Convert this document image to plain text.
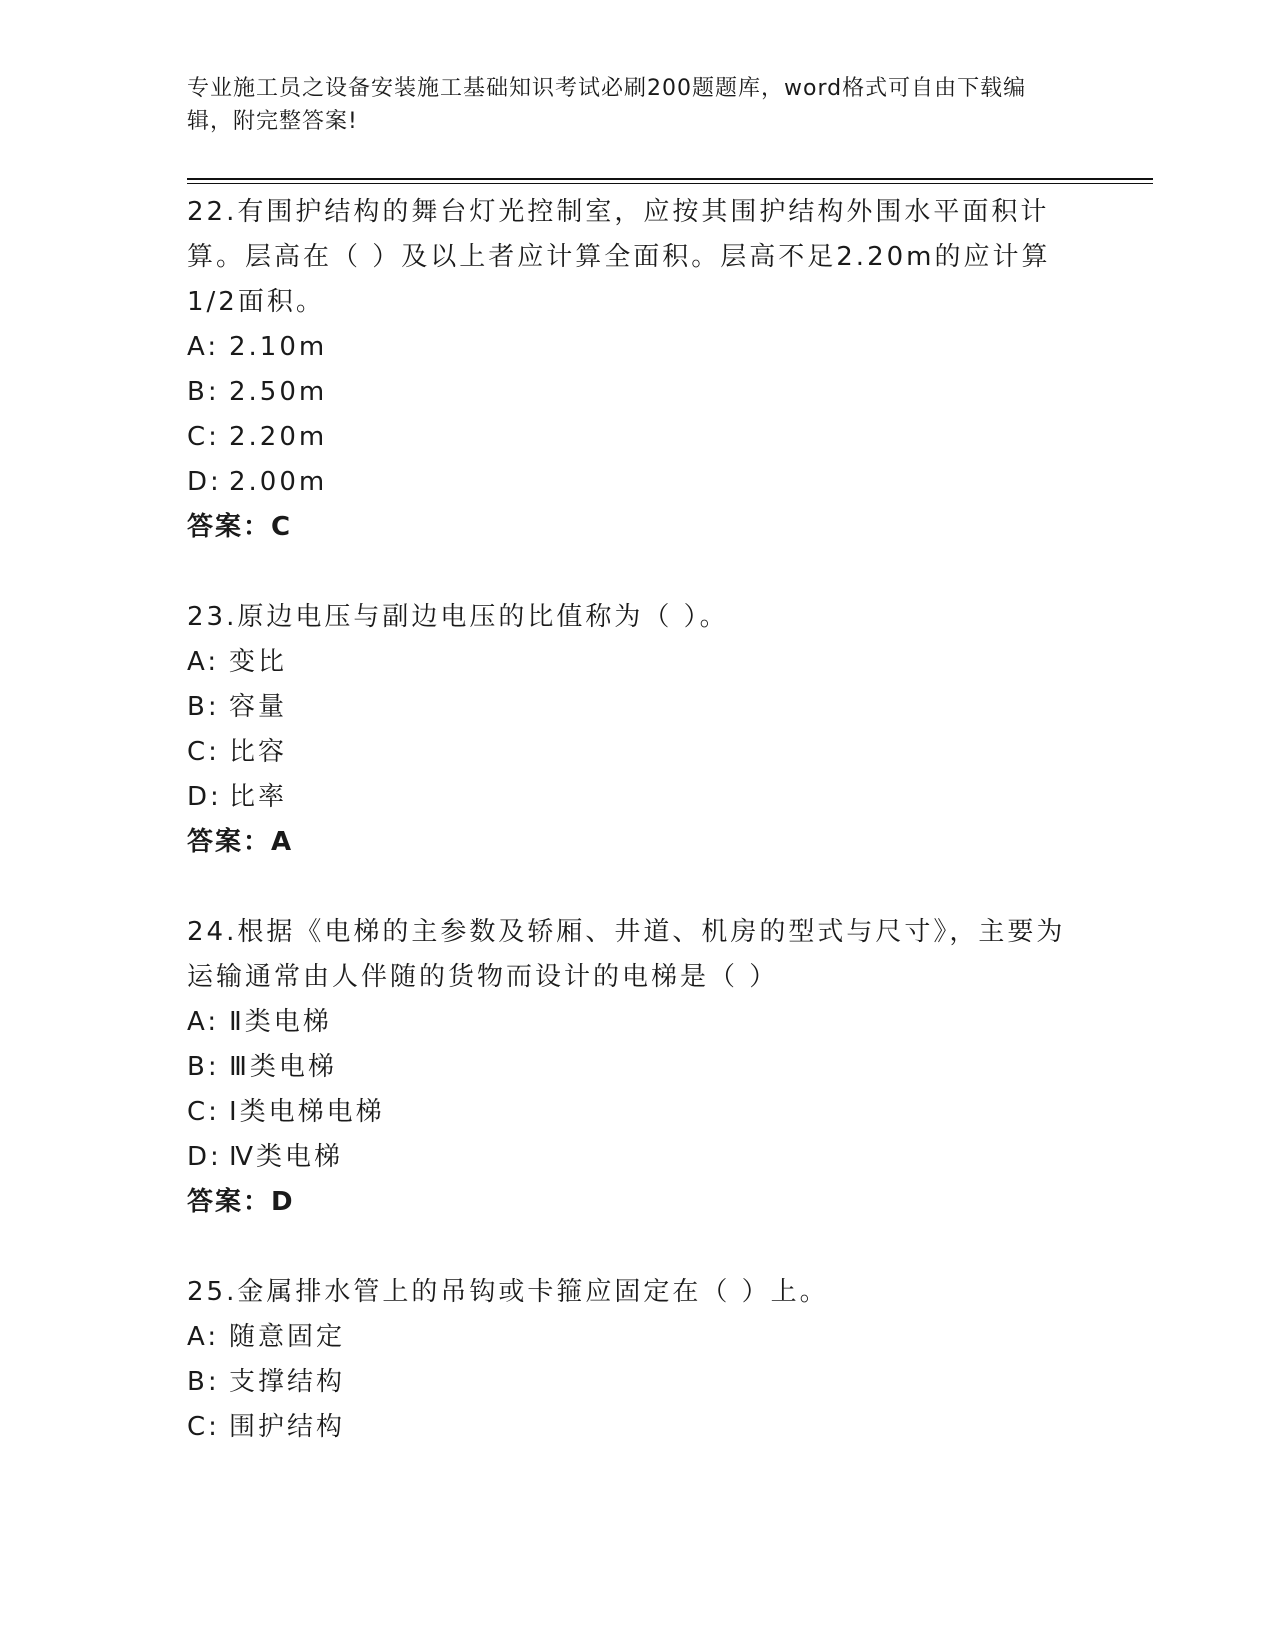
专业施工员之设备安装施工基础知识考试必刷200题题库，word格式可自由下载编辑，附完整答案!

22.有围护结构的舞台灯光控制室，应按其围护结构外围水平面积计算。层高在（ ）及以上者应计算全面积。层高不足2.20m的应计算1/2面积。

A: 2.10m
B: 2.50m
C: 2.20m
D: 2.00m
答案：C

23.原边电压与副边电压的比值称为（ ）。

A: 变比
B: 容量
C: 比容
D: 比率
答案：A

24.根据《电梯的主参数及轿厢、井道、机房的型式与尺寸》，主要为运输通常由人伴随的货物而设计的电梯是（ ）

A: Ⅱ类电梯
B: Ⅲ类电梯
C: Ⅰ类电梯电梯
D: Ⅳ类电梯
答案：D

25.金属排水管上的吊钩或卡箍应固定在（ ）上。

A: 随意固定
B: 支撑结构
C: 围护结构
